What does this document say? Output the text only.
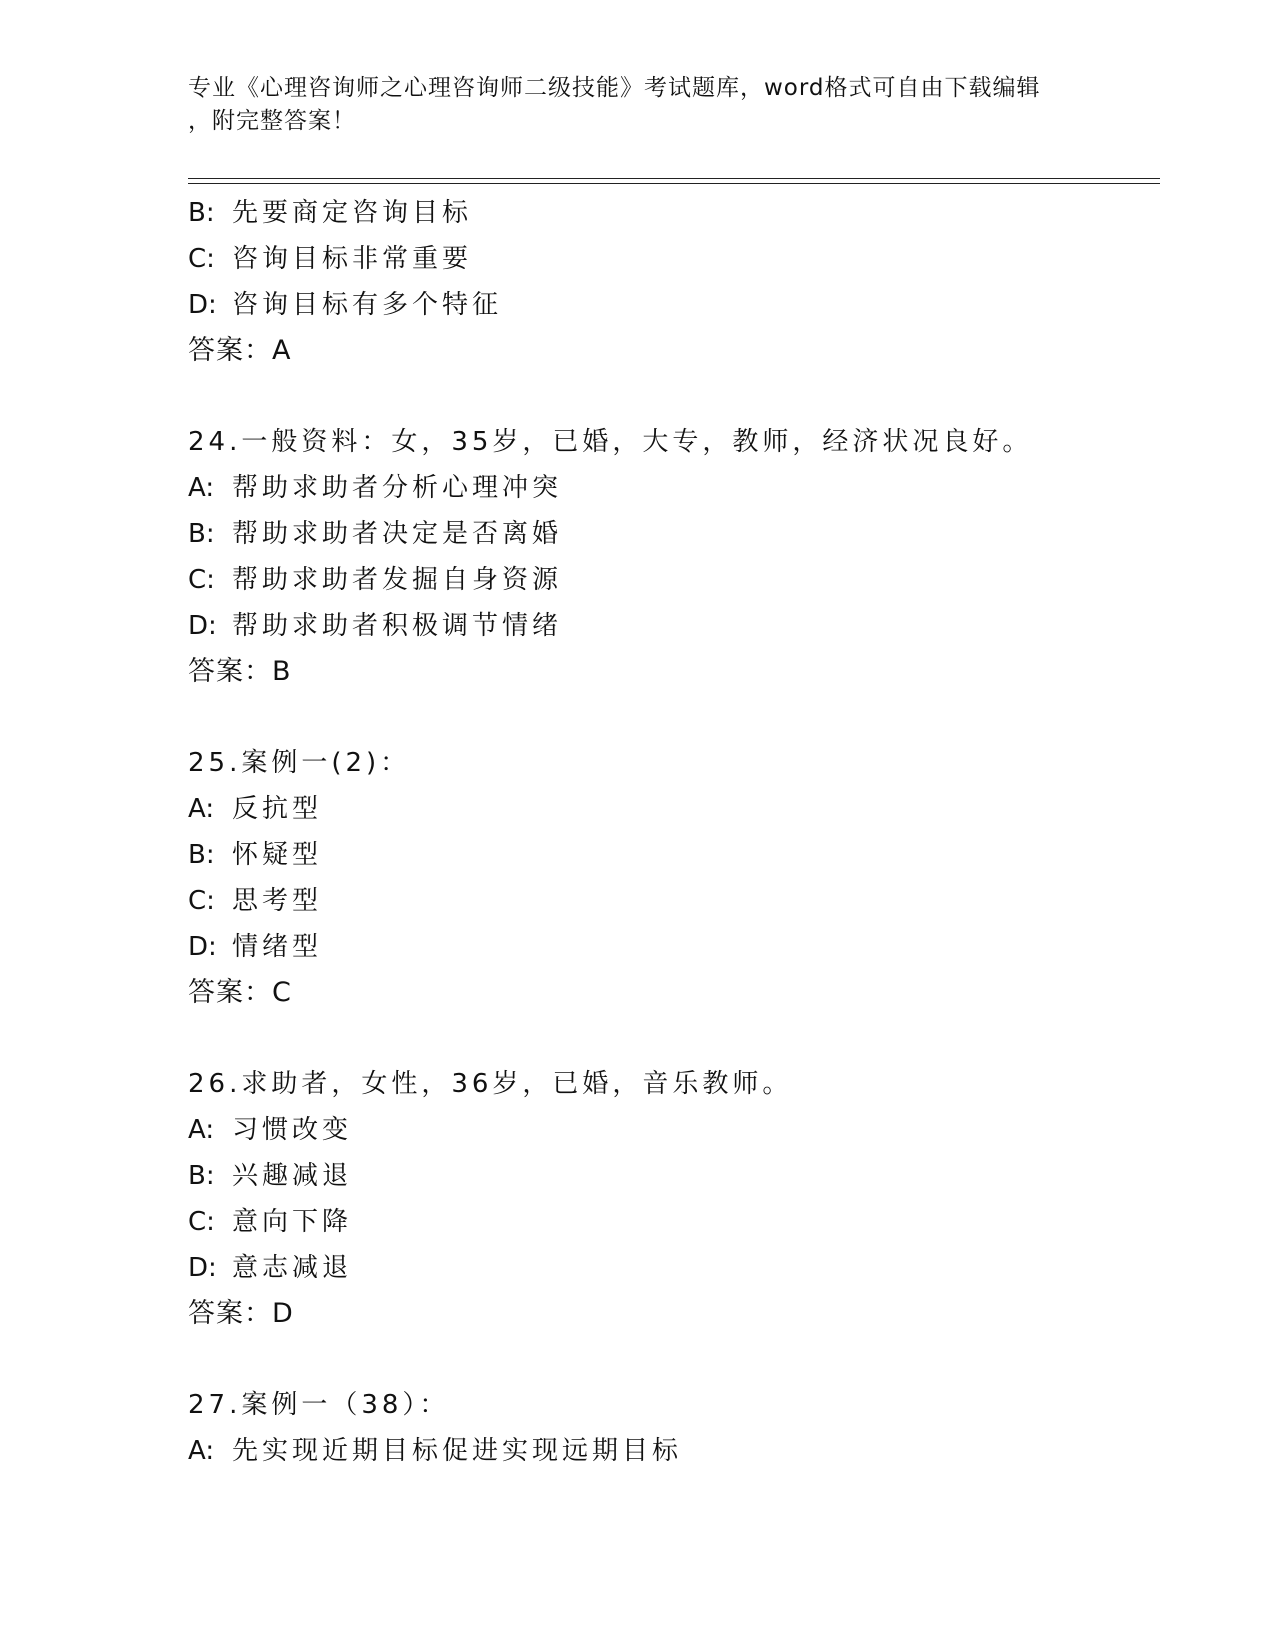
专业《心理咨询师之心理咨询师二级技能》考试题库，word格式可自由下载编辑
，附完整答案！
B: 先要商定咨询目标
C: 咨询目标非常重要
D: 咨询目标有多个特征
答案：A
24.一般资料：女，35岁，已婚，大专，教师，经济状况良好。
A: 帮助求助者分析心理冲突
B: 帮助求助者决定是否离婚
C: 帮助求助者发掘自身资源
D: 帮助求助者积极调节情绪
答案：B
25.案例一(2)：
A: 反抗型
B: 怀疑型
C: 思考型
D: 情绪型
答案：C
26.求助者，女性，36岁，已婚，音乐教师。
A: 习惯改变
B: 兴趣减退
C: 意向下降
D: 意志减退
答案：D
27.案例一（38）：
A: 先实现近期目标促进实现远期目标
